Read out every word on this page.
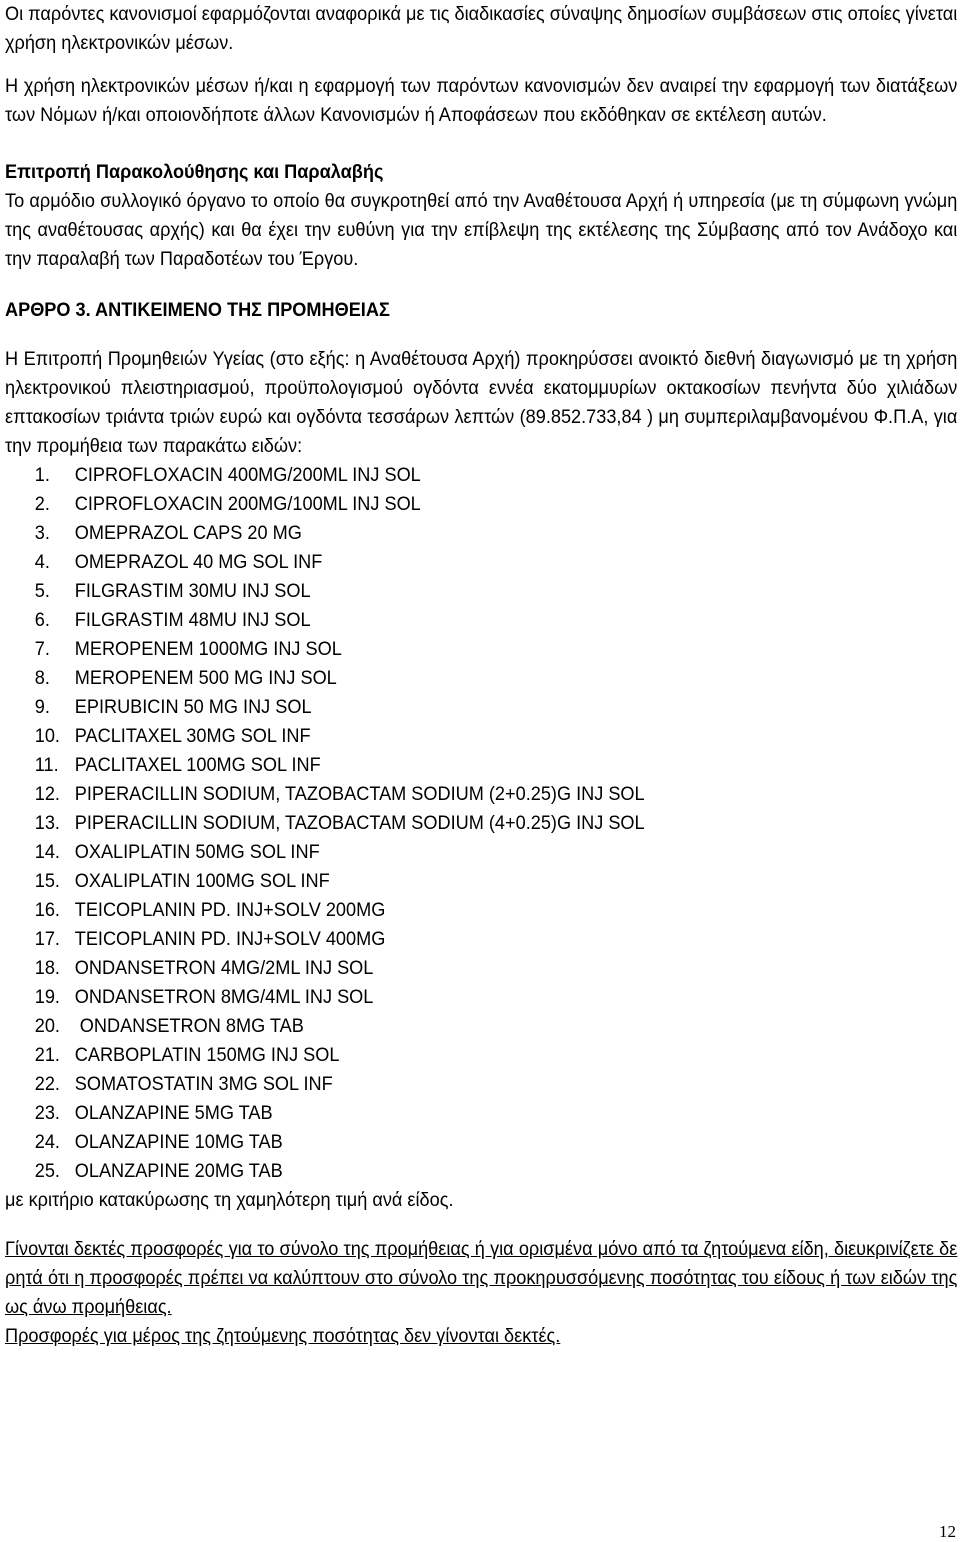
Οι παρόντες κανονισμοί εφαρμόζονται αναφορικά με τις διαδικασίες σύναψης δημοσίων συμβάσεων στις οποίες γίνεται χρήση ηλεκτρονικών μέσων.

Η χρήση ηλεκτρονικών μέσων ή/και η εφαρμογή των παρόντων κανονισμών δεν αναιρεί την εφαρμογή των διατάξεων των Νόμων ή/και οποιονδήποτε άλλων Κανονισμών ή Αποφάσεων που εκδόθηκαν σε εκτέλεση αυτών.

Επιτροπή Παρακολούθησης και Παραλαβής

Το αρμόδιο συλλογικό όργανο το οποίο θα συγκροτηθεί από την Αναθέτουσα Αρχή ή υπηρεσία (με τη σύμφωνη γνώμη της αναθέτουσας αρχής) και θα έχει την ευθύνη για την επίβλεψη της εκτέλεσης της Σύμβασης από τον Ανάδοχο και την παραλαβή των Παραδοτέων του Έργου.

ΑΡΘΡΟ 3. ΑΝΤΙΚΕΙΜΕΝΟ ΤΗΣ ΠΡΟΜΗΘΕΙΑΣ

Η Επιτροπή Προμηθειών Υγείας (στο εξής: η Αναθέτουσα Αρχή) προκηρύσσει ανοικτό διεθνή διαγωνισμό με τη χρήση ηλεκτρονικού πλειστηριασμού, προϋπολογισμού ογδόντα εννέα εκατομμυρίων οκτακοσίων πενήντα δύο χιλιάδων επτακοσίων τριάντα τριών ευρώ και ογδόντα τεσσάρων λεπτών (89.852.733,84 ) μη συμπεριλαμβανομένου Φ.Π.Α, για την προμήθεια των παρακάτω ειδών:

1.	CIPROFLOXACIN 400MG/200ML INJ SOL
2.	CIPROFLOXACIN 200MG/100ML INJ SOL
3.	OMEPRAZOL CAPS 20 MG
4.	OMEPRAZOL 40 MG SOL INF
5.	FILGRASTIM 30MU INJ SOL
6.	FILGRASTIM 48MU INJ SOL
7.	MEROPENEM 1000MG INJ SOL
8.	MEROPENEM 500 MG INJ SOL
9.	EPIRUBICIN 50 MG INJ SOL
10. PACLITAXEL 30MG SOL INF
11. PACLITAXEL 100MG SOL INF
12. PIPERACILLIN SODIUM, TAZOBACTAM SODIUM (2+0.25)G INJ SOL
13. PIPERACILLIN SODIUM, TAZOBACTAM SODIUM (4+0.25)G INJ SOL
14. OXALIPLATIN 50MG SOL INF
15. OXALIPLATIN 100MG SOL INF
16. TEICOPLANIN PD. INJ+SOLV 200MG
17. TEICOPLANIN PD. INJ+SOLV 400MG
18. ONDANSETRON 4MG/2ML INJ SOL
19. ONDANSETRON 8MG/4ML INJ SOL
20. ONDANSETRON 8MG TAB
21. CARBOPLATIN 150MG INJ SOL
22. SOMATOSTATIN 3MG SOL INF
23. OLANZAPINE 5MG TAB
24. OLANZAPINE 10MG TAB
25. OLANZAPINE 20MG TAB

με κριτήριο κατακύρωσης τη χαμηλότερη τιμή ανά είδος.

Γίνονται δεκτές προσφορές για το σύνολο της προμήθειας ή για ορισμένα μόνο από τα ζητούμενα είδη, διευκρινίζετε δε ρητά ότι η προσφορές πρέπει να καλύπτουν στο σύνολο της προκηρυσσόμενης ποσότητας του είδους ή των ειδών της ως άνω προμήθειας.

Προσφορές για μέρος της ζητούμενης ποσότητας δεν γίνονται δεκτές.

12
